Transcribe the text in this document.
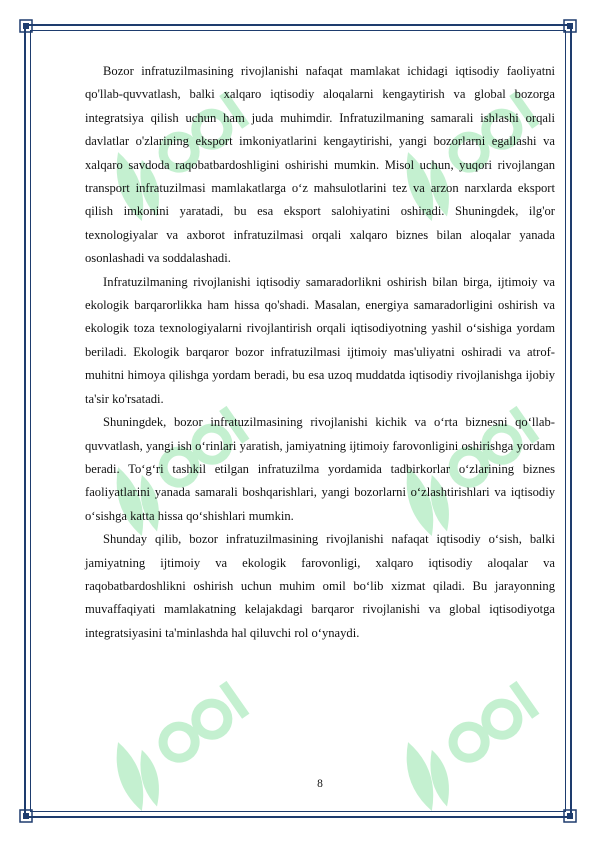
Bozor infratuzilmasining rivojlanishi nafaqat mamlakat ichidagi iqtisodiy faoliyatni qo'llab-quvvatlash, balki xalqaro iqtisodiy aloqalarni kengaytirish va global bozorga integratsiya qilish uchun ham juda muhimdir. Infratuzilmaning samarali ishlashi orqali davlatlar o'zlarining eksport imkoniyatlarini kengaytirishi, yangi bozorlarni egallashi va xalqaro savdoda raqobatbardoshligini oshirishi mumkin. Misol uchun, yuqori rivojlangan transport infratuzilmasi mamlakatlarga o‘z mahsulotlarini tez va arzon narxlarda eksport qilish imkonini yaratadi, bu esa eksport salohiyatini oshiradi. Shuningdek, ilg'or texnologiyalar va axborot infratuzilmasi orqali xalqaro biznes bilan aloqalar yanada osonlashadi va soddalashadi.

Infratuzilmaning rivojlanishi iqtisodiy samaradorlikni oshirish bilan birga, ijtimoiy va ekologik barqarorlikka ham hissa qo'shadi. Masalan, energiya samaradorligini oshirish va ekologik toza texnologiyalarni rivojlantirish orqali iqtisodiyotning yashil o‘sishiga yordam beriladi. Ekologik barqaror bozor infratuzilmasi ijtimoiy mas'uliyatni oshiradi va atrof-muhitni himoya qilishga yordam beradi, bu esa uzoq muddatda iqtisodiy rivojlanishga ijobiy ta'sir ko'rsatadi.

Shuningdek, bozor infratuzilmasining rivojlanishi kichik va o‘rta biznesni qo‘llab-quvvatlash, yangi ish o‘rinlari yaratish, jamiyatning ijtimoiy farovonligini oshirishga yordam beradi. To‘g‘ri tashkil etilgan infratuzilma yordamida tadbirkorlar o‘zlarining biznes faoliyatlarini yanada samarali boshqarishlari, yangi bozorlarni o‘zlashtirishlari va iqtisodiy o‘sishga katta hissa qo‘shishlari mumkin.

Shunday qilib, bozor infratuzilmasining rivojlanishi nafaqat iqtisodiy o‘sish, balki jamiyatning ijtimoiy va ekologik farovonligi, xalqaro iqtisodiy aloqalar va raqobatbardoshlikni oshirish uchun muhim omil bo‘lib xizmat qiladi. Bu jarayonning muvaffaqiyati mamlakatning kelajakdagi barqaror rivojlanishi va global iqtisodiyotga integratsiyasini ta'minlashda hal qiluvchi rol o‘ynaydi.

8
